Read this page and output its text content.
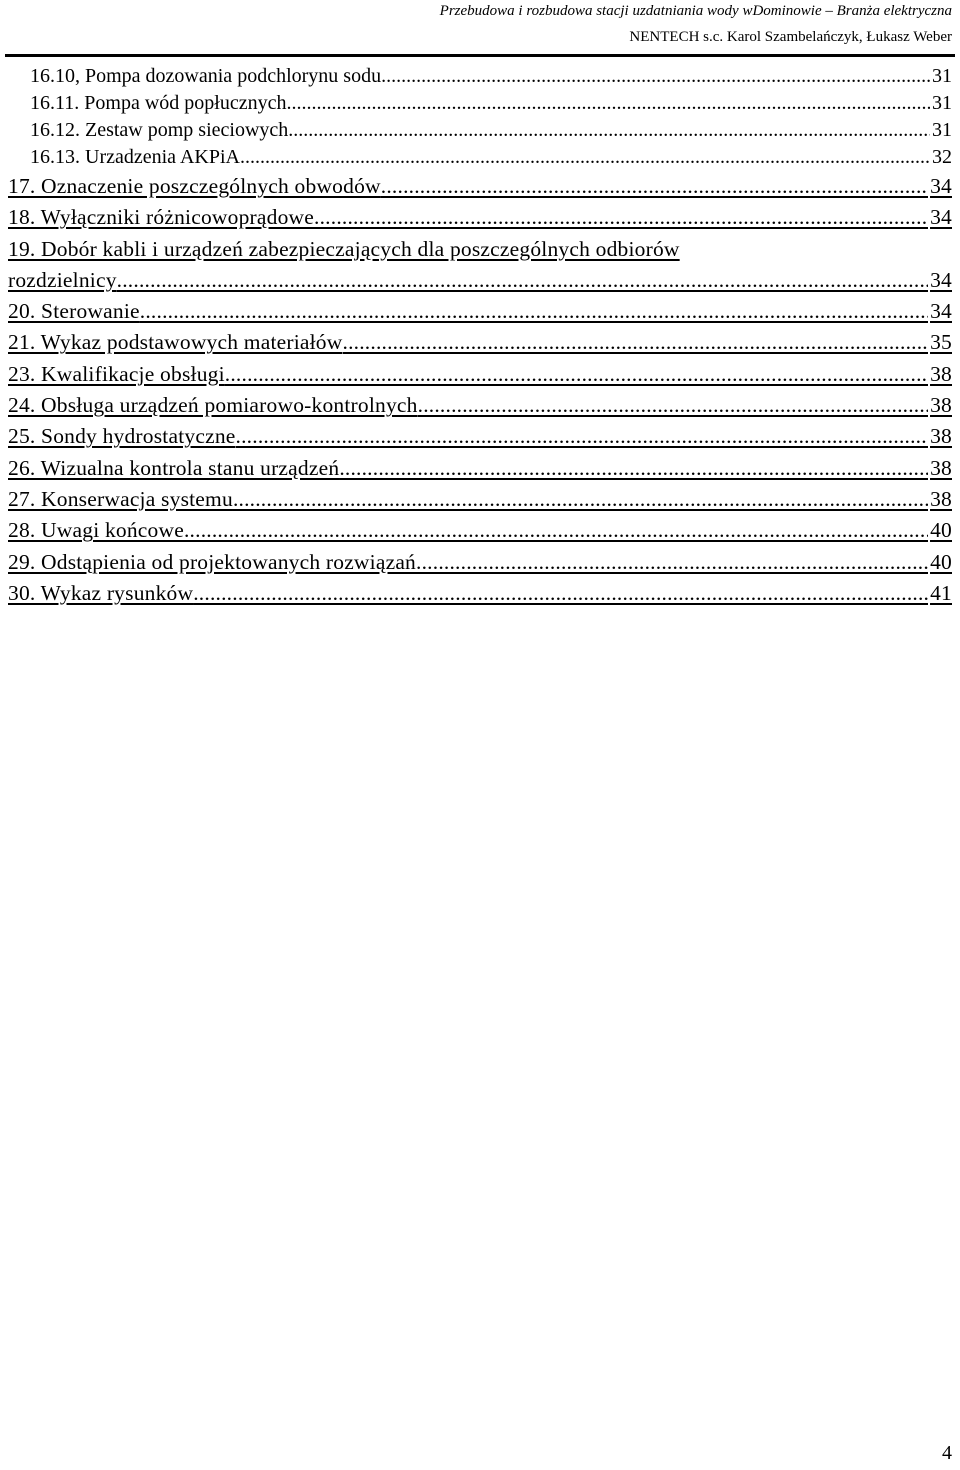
Przebudowa i rozbudowa stacji uzdatniania wody wDominowie – Branża elektryczna
NENTECH s.c. Karol Szambelańczyk, Łukasz Weber
16.10, Pompa dozowania podchlorynu sodu .....	31
16.11. Pompa wód popłucznych .....	31
16.12. Zestaw pomp sieciowych .....	31
16.13. Urzadzenia AKPiA .....	32
17. Oznaczenie poszczególnych obwodów .....	34
18. Wyłączniki różnicowoprądowe .....	34
19. Dobór kabli i urządzeń zabezpieczających dla poszczególnych odbiorów
rozdzielnicy .....	34
20. Sterowanie .....	34
21. Wykaz podstawowych materiałów .....	35
23. Kwalifikacje obsługi .....	38
24. Obsługa urządzeń pomiarowo-kontrolnych .....	38
25. Sondy hydrostatyczne .....	38
26. Wizualna kontrola stanu urządzeń .....	38
27. Konserwacja systemu .....	38
28. Uwagi końcowe .....	40
29. Odstąpienia od projektowanych rozwiązań .....	40
30. Wykaz rysunków .....	41
4
